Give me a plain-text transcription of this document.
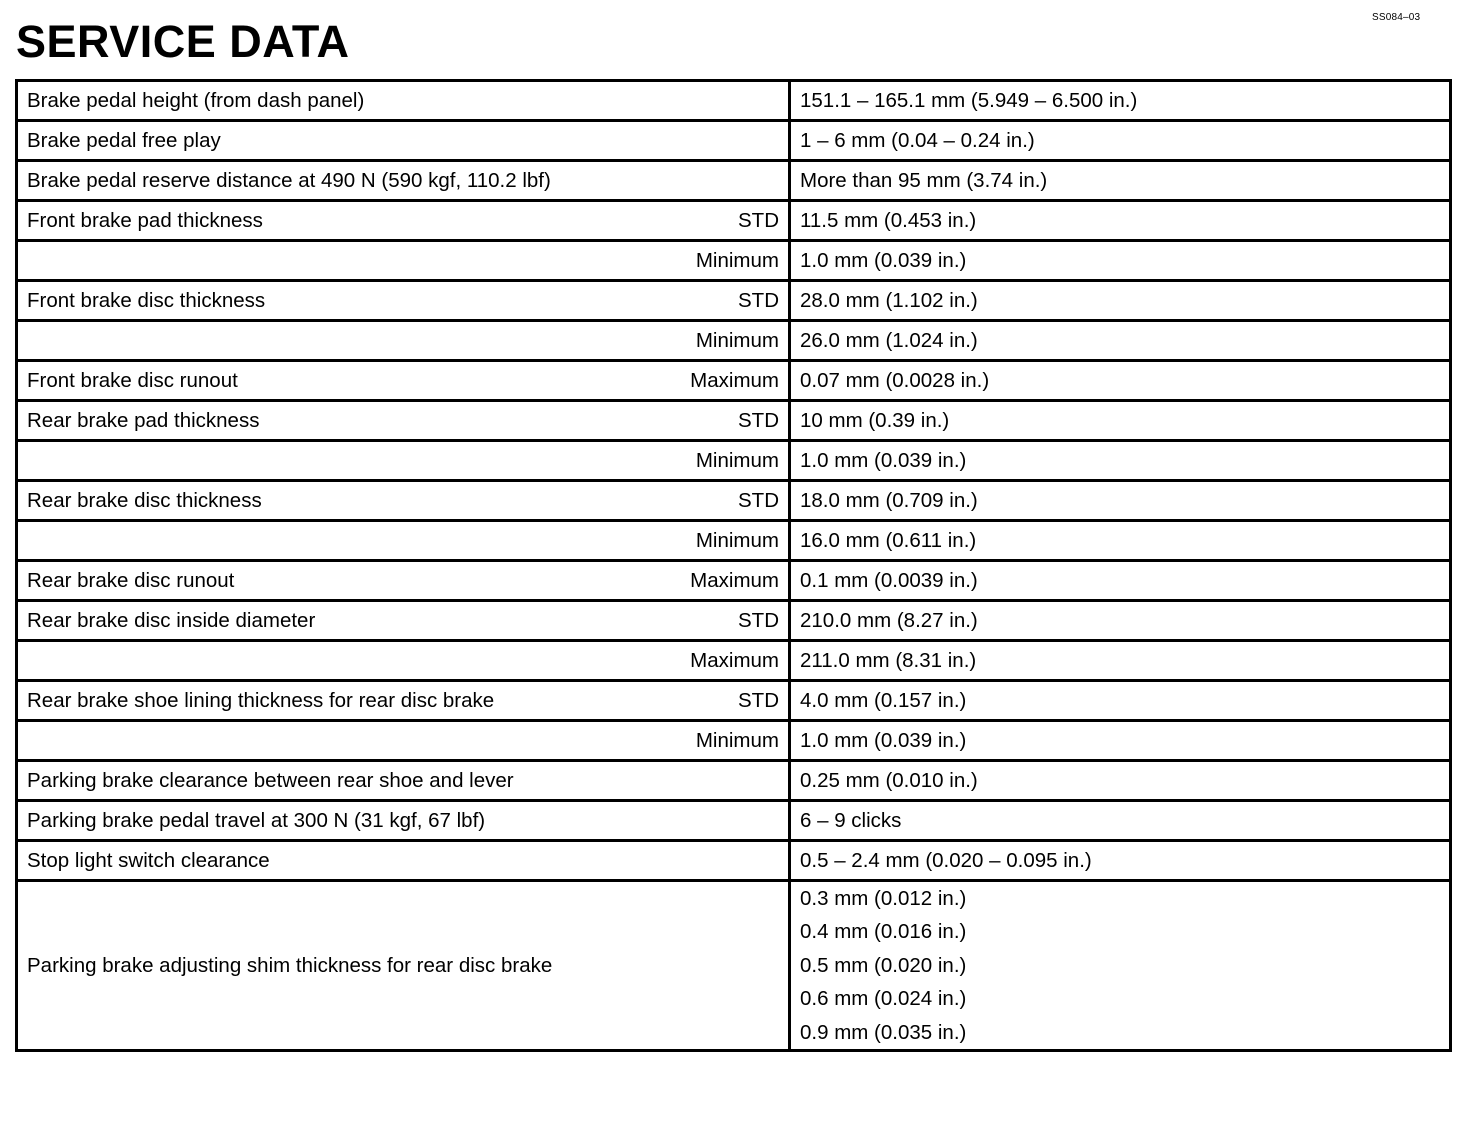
SS084–03
SERVICE DATA
Brake pedal height (from dash panel)	151.1 – 165.1 mm (5.949 – 6.500 in.)

Brake pedal free play	1 – 6 mm (0.04 – 0.24 in.)

Brake pedal reserve distance at 490 N (590 kgf, 110.2 lbf)	More than 95 mm (3.74 in.)

Front brake pad thickness STD	11.5 mm (0.453 in.)

Minimum	1.0 mm (0.039 in.)

Front brake disc thickness STD	28.0 mm (1.102 in.)

Minimum	26.0 mm (1.024 in.)

Front brake disc runout Maximum	0.07 mm (0.0028 in.)

Rear brake pad thickness STD	10 mm (0.39 in.)

Minimum	1.0 mm (0.039 in.)

Rear brake disc thickness STD	18.0 mm (0.709 in.)

Minimum	16.0 mm (0.611 in.)

Rear brake disc runout Maximum	0.1 mm (0.0039 in.)

Rear brake disc inside diameter STD	210.0 mm (8.27 in.)

Maximum	211.0 mm (8.31 in.)

Rear brake shoe lining thickness for rear disc brake STD	4.0 mm (0.157 in.)

Minimum	1.0 mm (0.039 in.)

Parking brake clearance between rear shoe and lever	0.25 mm (0.010 in.)

Parking brake pedal travel at 300 N (31 kgf, 67 lbf)	6 – 9 clicks

Stop light switch clearance	0.5 – 2.4 mm (0.020 – 0.095 in.)
Parking brake adjusting shim thickness for rear disc brake	0.3 mm (0.012 in.)
0.4 mm (0.016 in.)
0.5 mm (0.020 in.)
0.6 mm (0.024 in.)
0.9 mm (0.035 in.)
